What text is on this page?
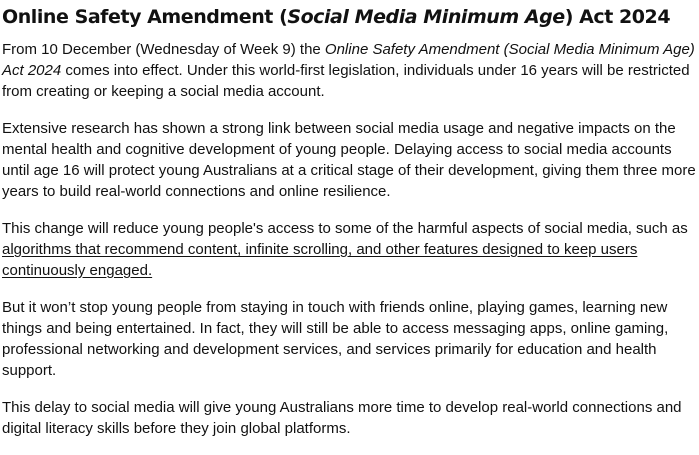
Online Safety Amendment (Social Media Minimum Age) Act 2024

From 10 December (Wednesday of Week 9) the Online Safety Amendment (Social Media Minimum Age) Act 2024 comes into effect. Under this world-first legislation, individuals under 16 years will be restricted from creating or keeping a social media account.

Extensive research has shown a strong link between social media usage and negative impacts on the mental health and cognitive development of young people. Delaying access to social media accounts until age 16 will protect young Australians at a critical stage of their development, giving them three more years to build real-world connections and online resilience.

This change will reduce young people's access to some of the harmful aspects of social media, such as algorithms that recommend content, infinite scrolling, and other features designed to keep users continuously engaged.

But it won’t stop young people from staying in touch with friends online, playing games, learning new things and being entertained. In fact, they will still be able to access messaging apps, online gaming, professional networking and development services, and services primarily for education and health support.

This delay to social media will give young Australians more time to develop real-world connections and digital literacy skills before they join global platforms.
